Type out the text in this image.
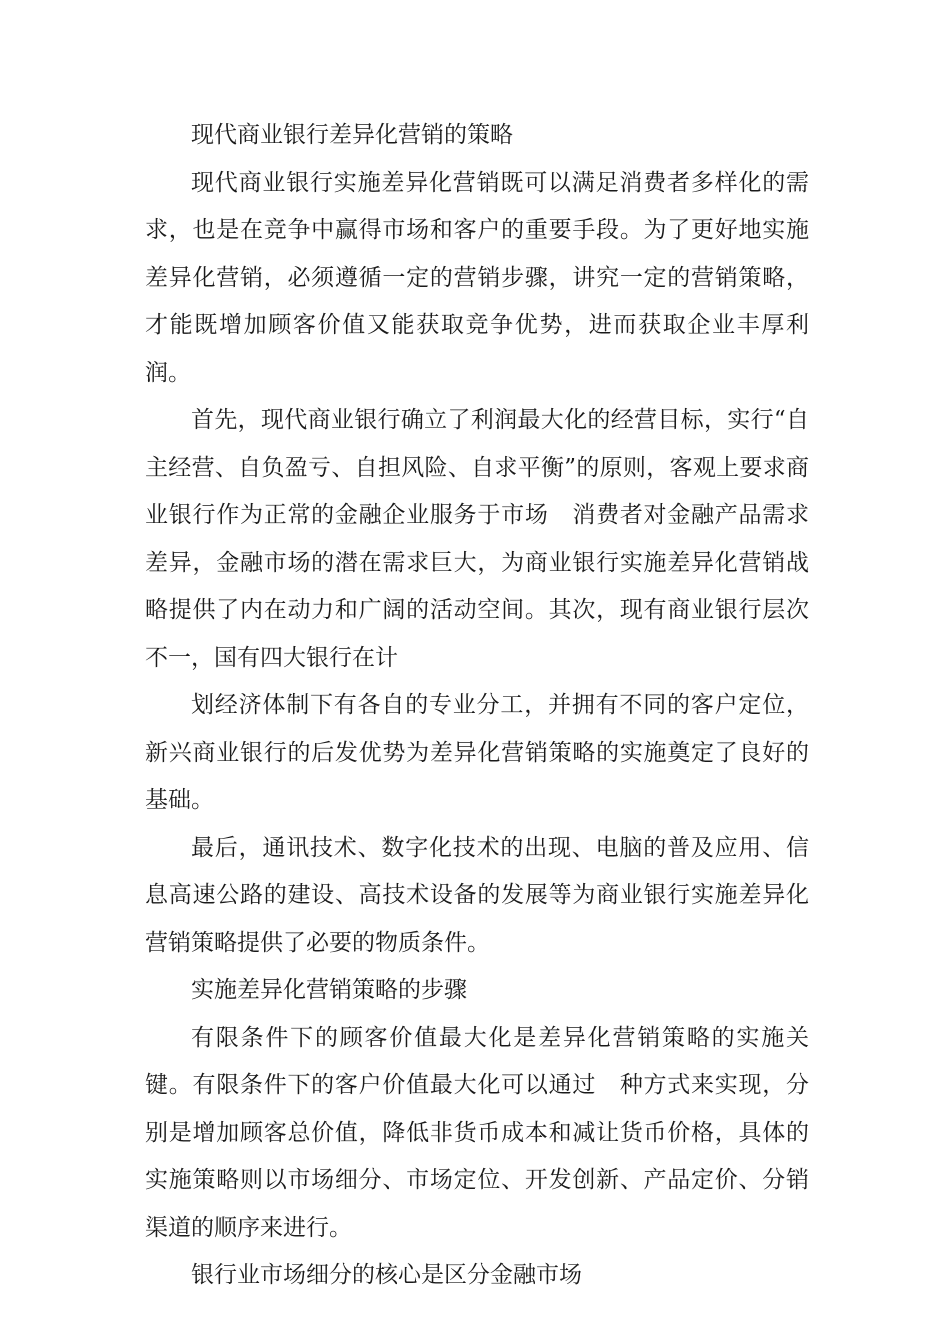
现代商业银行差异化营销的策略

现代商业银行实施差异化营销既可以满足消费者多样化的需求，也是在竞争中赢得市场和客户的重要手段。为了更好地实施差异化营销，必须遵循一定的营销步骤，讲究一定的营销策略，才能既增加顾客价值又能获取竞争优势，进而获取企业丰厚利润。

首先，现代商业银行确立了利润最大化的经营目标，实行“自主经营、自负盈亏、自担风险、自求平衡”的原则，客观上要求商业银行作为正常的金融企业服务于市场　消费者对金融产品需求差异，金融市场的潜在需求巨大，为商业银行实施差异化营销战略提供了内在动力和广阔的活动空间。其次，现有商业银行层次不一，国有四大银行在计

划经济体制下有各自的专业分工，并拥有不同的客户定位，新兴商业银行的后发优势为差异化营销策略的实施奠定了良好的基础。

最后，通讯技术、数字化技术的出现、电脑的普及应用、信息高速公路的建设、高技术设备的发展等为商业银行实施差异化营销策略提供了必要的物质条件。

实施差异化营销策略的步骤

有限条件下的顾客价值最大化是差异化营销策略的实施关键。有限条件下的客户价值最大化可以通过　种方式来实现，分别是增加顾客总价值，降低非货币成本和减让货币价格，具体的实施策略则以市场细分、市场定位、开发创新、产品定价、分销渠道的顺序来进行。

银行业市场细分的核心是区分金融市场
